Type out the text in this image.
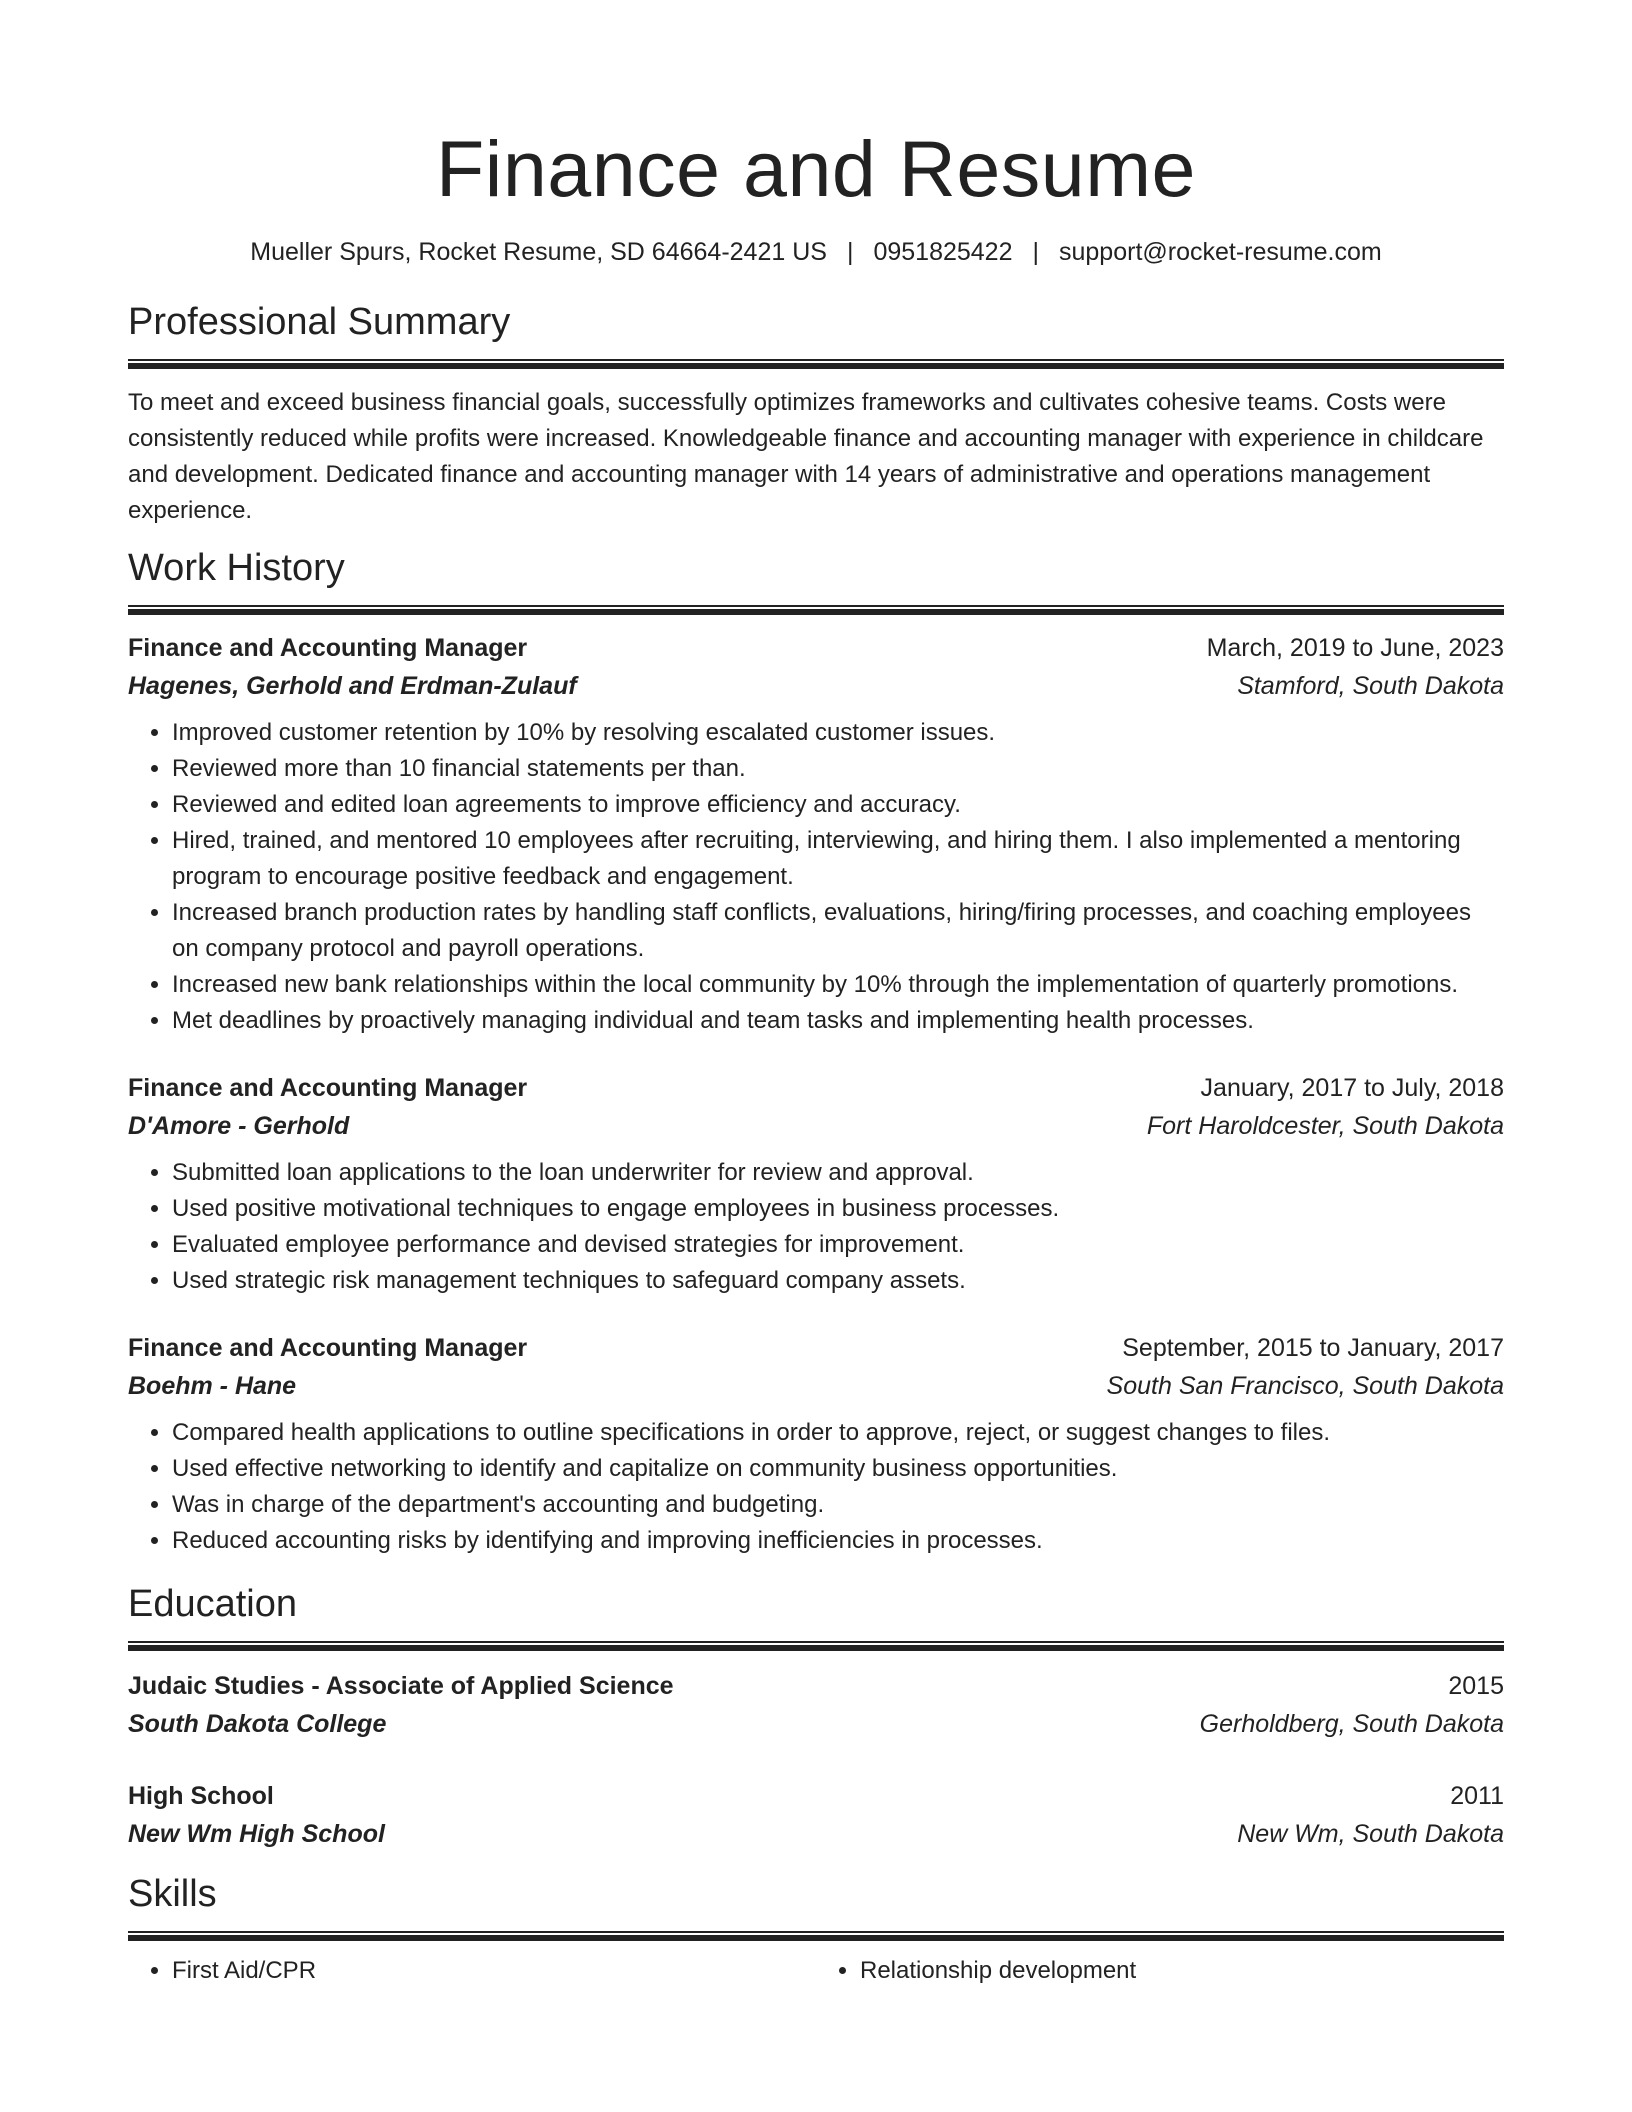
Finance and Resume
Mueller Spurs, Rocket Resume, SD 64664-2421 US | 0951825422 | support@rocket-resume.com
Professional Summary

To meet and exceed business financial goals, successfully optimizes frameworks and cultivates cohesive teams. Costs were consistently reduced while profits were increased. Knowledgeable finance and accounting manager with experience in childcare and development. Dedicated finance and accounting manager with 14 years of administrative and operations management experience.

Work History
Finance and Accounting Manager	March, 2019 to June, 2023
Hagenes, Gerhold and Erdman-Zulauf	Stamford, South Dakota
• Improved customer retention by 10% by resolving escalated customer issues.
• Reviewed more than 10 financial statements per than.
• Reviewed and edited loan agreements to improve efficiency and accuracy.
• Hired, trained, and mentored 10 employees after recruiting, interviewing, and hiring them. I also implemented a mentoring program to encourage positive feedback and engagement.
• Increased branch production rates by handling staff conflicts, evaluations, hiring/firing processes, and coaching employees on company protocol and payroll operations.
• Increased new bank relationships within the local community by 10% through the implementation of quarterly promotions.
• Met deadlines by proactively managing individual and team tasks and implementing health processes.
Finance and Accounting Manager	January, 2017 to July, 2018
D'Amore - Gerhold	Fort Haroldcester, South Dakota
• Submitted loan applications to the loan underwriter for review and approval.
• Used positive motivational techniques to engage employees in business processes.
• Evaluated employee performance and devised strategies for improvement.
• Used strategic risk management techniques to safeguard company assets.
Finance and Accounting Manager	September, 2015 to January, 2017
Boehm - Hane	South San Francisco, South Dakota
• Compared health applications to outline specifications in order to approve, reject, or suggest changes to files.
• Used effective networking to identify and capitalize on community business opportunities.
• Was in charge of the department's accounting and budgeting.
• Reduced accounting risks by identifying and improving inefficiencies in processes.
Education
Judaic Studies - Associate of Applied Science	2015
South Dakota College	Gerholdberg, South Dakota
High School	2011
New Wm High School	New Wm, South Dakota
Skills
• First Aid/CPR
•	Relationship development
